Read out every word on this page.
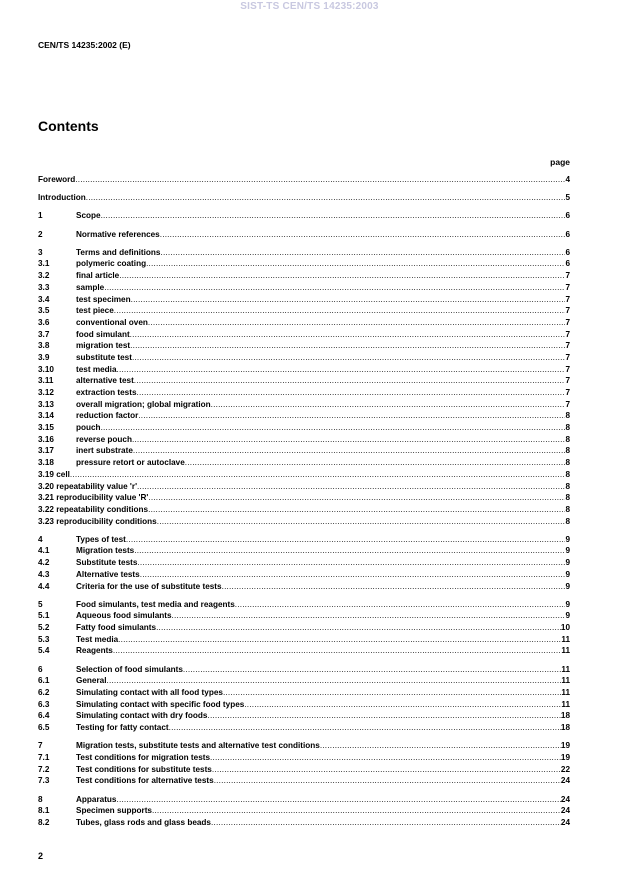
SIST-TS CEN/TS 14235:2003
CEN/TS 14235:2002 (E)
Contents
page
Foreword .....	4
Introduction .....	5
1	Scope .....	6
2	Normative references .....	6
3	Terms and definitions .....	6
3.1	polymeric coating .....	6
3.2	final article .....	7
3.3	sample .....	7
3.4	test specimen .....	7
3.5	test piece .....	7
3.6	conventional oven .....	7
3.7	food simulant .....	7
3.8	migration test .....	7
3.9	substitute test .....	7
3.10	test media .....	7
3.11	alternative test .....	7
3.12	extraction tests .....	7
3.13	overall migration; global migration .....	7
3.14	reduction factor .....	8
3.15	pouch .....	8
3.16	reverse pouch .....	8
3.17	inert substrate .....	8
3.18	pressure retort or autoclave .....	8
3.19 cell .....	8
3.20 repeatability value 'r' .....	8
3.21 reproducibility value 'R' .....	8
3.22 repeatability conditions .....	8
3.23 reproducibility conditions .....	8
4	Types of test .....	9
4.1	Migration tests .....	9
4.2	Substitute tests .....	9
4.3	Alternative tests .....	9
4.4	Criteria for the use of substitute tests .....	9
5	Food simulants, test media and reagents .....	9
5.1	Aqueous food simulants .....	9
5.2	Fatty food simulants .....	10
5.3	Test media .....	11
5.4	Reagents .....	11
6	Selection of food simulants .....	11
6.1	General .....	11
6.2	Simulating contact with all food types .....	11
6.3	Simulating contact with specific food types .....	11
6.4	Simulating contact with dry foods .....	18
6.5	Testing for fatty contact .....	18
7	Migration tests, substitute tests and alternative test conditions .....	19
7.1	Test conditions for migration tests .....	19
7.2	Test conditions for substitute tests .....	22
7.3	Test conditions for alternative tests .....	24
8	Apparatus .....	24
8.1	Specimen supports .....	24
8.2	Tubes, glass rods and glass beads .....	24
2
